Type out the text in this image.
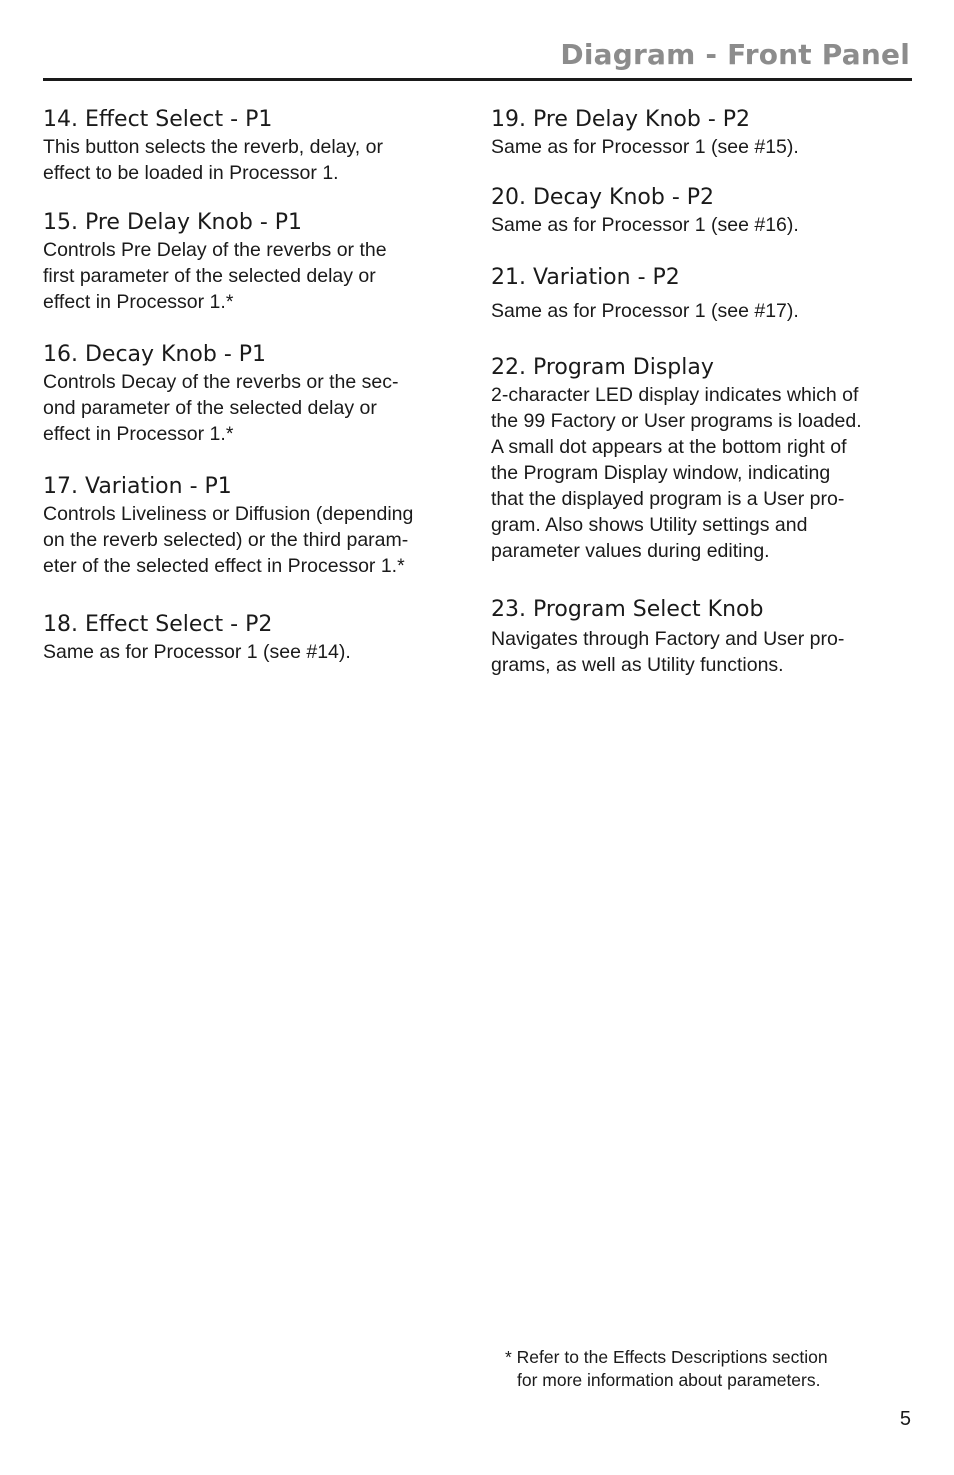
Diagram - Front Panel
14. Effect Select - P1

This button selects the reverb, delay, or
effect to be loaded in Processor 1.

15. Pre Delay Knob - P1

Controls Pre Delay of the reverbs or the
first parameter of the selected delay or
effect in Processor 1.*

16. Decay Knob - P1

Controls Decay of the reverbs or the sec-
ond parameter of the selected delay or
effect in Processor 1.*

17. Variation - P1

Controls Liveliness or Diffusion (depending
on the reverb selected) or the third param-
eter of the selected effect in Processor 1.*

18. Effect Select - P2

Same as for Processor 1 (see #14).

19. Pre Delay Knob - P2

Same as for Processor 1 (see #15).

20. Decay Knob - P2

Same as for Processor 1 (see #16).

21. Variation - P2

Same as for Processor 1 (see #17).

22. Program Display

2-character LED display indicates which of
the 99 Factory or User programs is loaded.
A small dot appears at the bottom right of
the Program Display window, indicating
that the displayed program is a User pro-
gram. Also shows Utility settings and
parameter values during editing.

23. Program Select Knob

Navigates through Factory and User pro-
grams, as well as Utility functions.

* Refer to the Effects Descriptions section
for more information about parameters.
5
